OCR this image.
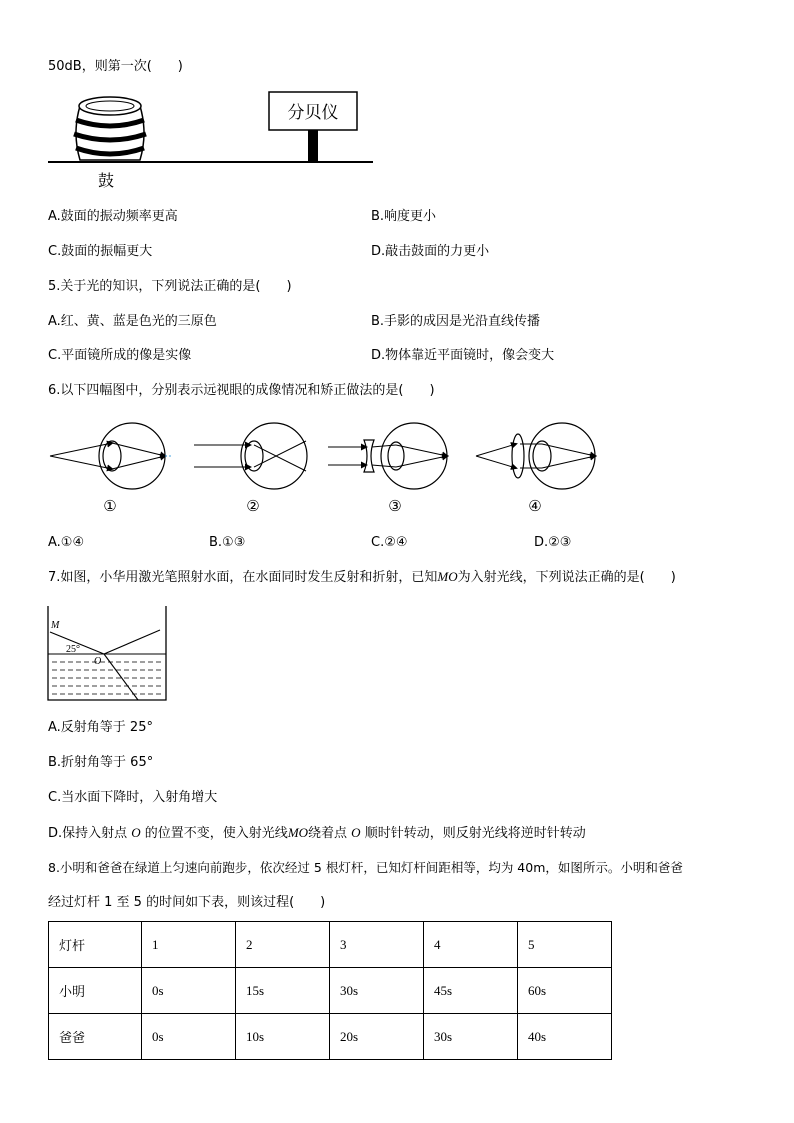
50dB，则第一次(　　)
分贝仪
鼓
A.鼓面的振动频率更高	B.响度更小
C.鼓面的振幅更大	D.敲击鼓面的力更小
5.关于光的知识，下列说法正确的是(　　)
A.红、黄、蓝是色光的三原色	B.手影的成因是光沿直线传播
C.平面镜所成的像是实像	D.物体靠近平面镜时，像会变大
6.以下四幅图中，分别表示远视眼的成像情况和矫正做法的是(　　)
①	②	③	④
A.①④	B.①③	C.②④	D.②③
7.如图，小华用激光笔照射水面，在水面同时发生反射和折射，已知MO为入射光线，下列说法正确的是(　　)
M
25°
O
A.反射角等于 25°
B.折射角等于 65°
C.当水面下降时，入射角增大
D.保持入射点 O 的位置不变，使入射光线MO绕着点 O 顺时针转动，则反射光线将逆时针转动
8.小明和爸爸在绿道上匀速向前跑步，依次经过 5 根灯杆，已知灯杆间距相等，均为 40m，如图所示。小明和爸爸
经过灯杆 1 至 5 的时间如下表，则该过程(　　)
灯杆	1	2	3	4	5
小明	0s	15s	30s	45s	60s
爸爸	0s	10s	20s	30s	40s
